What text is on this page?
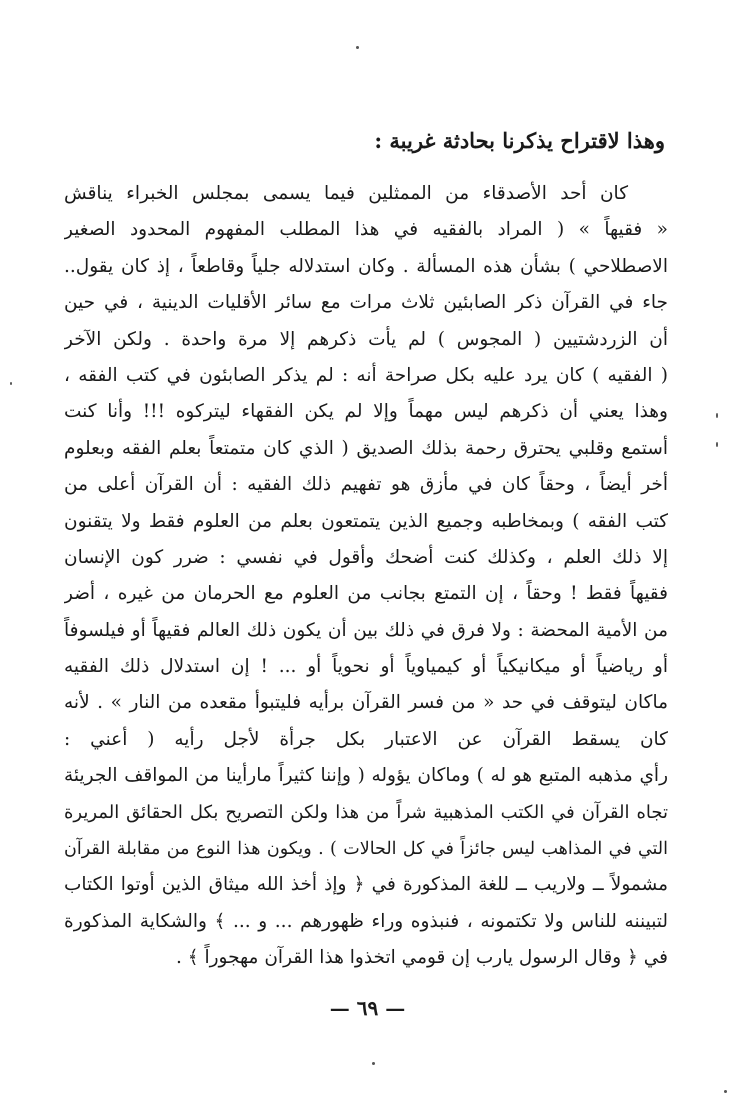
وهذا لاقتراح يذكرنا بحادثة غريبة :
كان أحد الأصدقاء من الممثلين فيما يسمى بمجلس الخبراء يناقش
« فقيهاً » ( المراد بالفقيه في هذا المطلب المفهوم المحدود الصغير
الاصطلاحي ) بشأن هذه المسألة . وكان استدلاله جلياً وقاطعاً ، إذ كان يقول..
جاء في القرآن ذكر الصابئين ثلاث مرات مع سائر الأقليات الدينية ، في حين
أن الزردشتيين ( المجوس ) لم يأت ذكرهم إلا مرة واحدة . ولكن الآخر
( الفقيه ) كان يرد عليه بكل صراحة أنه : لم يذكر الصابئون في كتب الفقه ،
وهذا يعني أن ذكرهم ليس مهماً وإلا لم يكن الفقهاء ليتركوه !!! وأنا كنت
أستمع وقلبي يحترق رحمة بذلك الصديق ( الذي كان متمتعاً بعلم الفقه وبعلوم
أخر أيضاً ، وحقاً كان في مأزق هو تفهيم ذلك الفقيه : أن القرآن أعلى من
كتب الفقه ) وبمخاطبه وجميع الذين يتمتعون بعلم من العلوم فقط ولا يتقنون
إلا ذلك العلم ، وكذلك كنت أضحك وأقول في نفسي : ضرر كون الإنسان
فقيهاً فقط ! وحقاً ، إن التمتع بجانب من العلوم مع الحرمان من غيره ، أضر
من الأمية المحضة : ولا فرق في ذلك بين أن يكون ذلك العالم فقيهاً أو فيلسوفاً
أو رياضياً أو ميكانيكياً أو كيمياوياً أو نحوياً أو ... ! إن استدلال ذلك الفقيه
ماكان ليتوقف في حد « من فسر القرآن برأيه فليتبوأ مقعده من النار » . لأنه
كان يسقط القرآن عن الاعتبار بكل جرأة لأجل رأيه ( أعني :
رأي مذهبه المتبع هو له ) وماكان يؤوله ( وإننا كثيراً مارأينا من المواقف الجريئة
تجاه القرآن في الكتب المذهبية شراً من هذا ولكن التصريح بكل الحقائق المريرة
التي في المذاهب ليس جائزاً في كل الحالات ) . ويكون هذا النوع من مقابلة القرآن
مشمولاً ــ ولاريب ــ للغة المذكورة في ﴿ وإذ أخذ الله ميثاق الذين أوتوا الكتاب
لتبيننه للناس ولا تكتمونه ، فنبذوه وراء ظهورهم ... و ... ﴾ والشكاية المذكورة
في ﴿ وقال الرسول يارب إن قومي اتخذوا هذا القرآن مهجوراً ﴾ .
— ٦٩ —
